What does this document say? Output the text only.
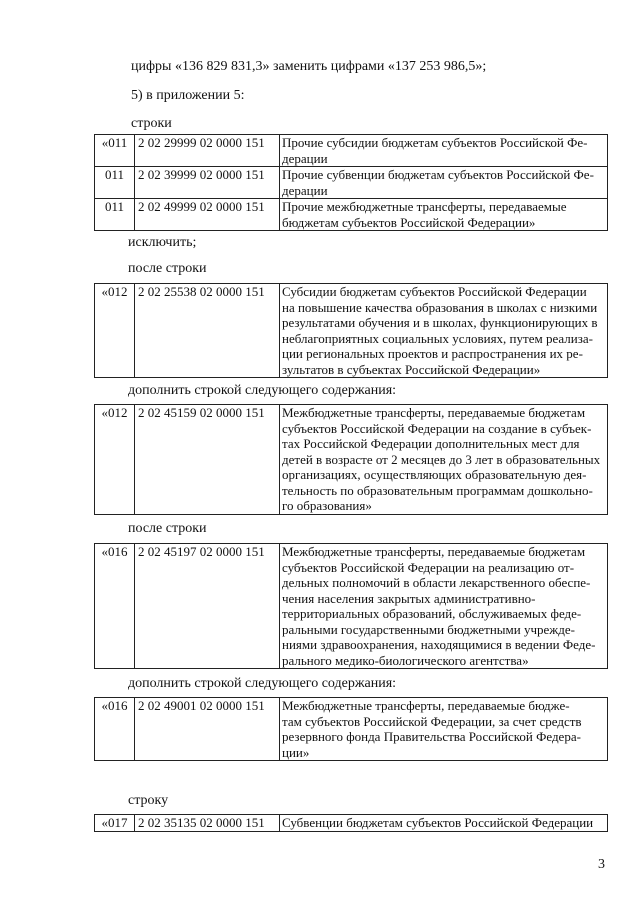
цифры «136 829 831,3» заменить цифрами «137 253 986,5»;
5) в приложении 5:
строки
«011	2 02 29999 02 0000 151	Прочие субсидии бюджетам субъектов Российской Фе-
дерации

011	2 02 39999 02 0000 151	Прочие субвенции бюджетам субъектов Российской Фе-
дерации

011	2 02 49999 02 0000 151	Прочие межбюджетные трансферты, передаваемые
бюджетам субъектов Российской Федерации»
исключить;
после строки
«012	2 02 25538 02 0000 151	Субсидии бюджетам субъектов Российской Федерации
на повышение качества образования в школах с низкими
результатами обучения и в школах, функционирующих в
неблагоприятных социальных условиях, путем реализа-
ции региональных проектов и распространения их ре-
зультатов в субъектах Российской Федерации»
дополнить строкой следующего содержания:
«012	2 02 45159 02 0000 151	Межбюджетные трансферты, передаваемые бюджетам
субъектов Российской Федерации на создание в субъек-
тах Российской Федерации дополнительных мест для
детей в возрасте от 2 месяцев до 3 лет в образовательных
организациях, осуществляющих образовательную дея-
тельность по образовательным программам дошкольно-
го образования»
после строки
«016	2 02 45197 02 0000 151	Межбюджетные трансферты, передаваемые бюджетам
субъектов Российской Федерации на реализацию от-
дельных полномочий в области лекарственного обеспе-
чения населения закрытых административно-
территориальных образований, обслуживаемых феде-
ральными государственными бюджетными учрежде-
ниями здравоохранения, находящимися в ведении Феде-
рального медико-биологического агентства»
дополнить строкой следующего содержания:
«016	2 02 49001 02 0000 151	Межбюджетные трансферты, передаваемые бюдже-
там субъектов Российской Федерации, за счет средств
резервного фонда Правительства Российской Федера-
ции»
строку
«017	2 02 35135 02 0000 151	Субвенции бюджетам субъектов Российской Федерации
3
